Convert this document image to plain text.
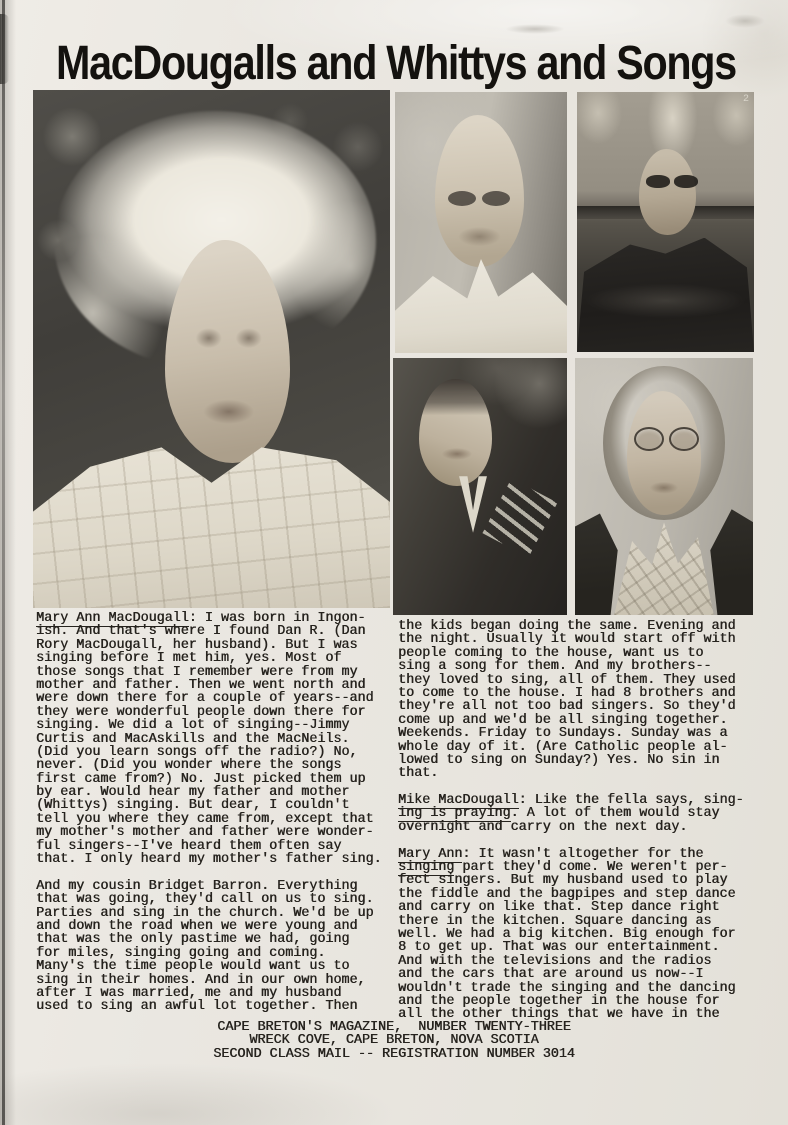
MacDougalls and Whittys and Songs
2
Mary Ann MacDougall: I was born in Ingon-
ish. And that's where I found Dan R. (Dan
Rory MacDougall, her husband). But I was
singing before I met him, yes. Most of
those songs that I remember were from my
mother and father. Then we went north and
were down there for a couple of years--and
they were wonderful people down there for
singing. We did a lot of singing--Jimmy
Curtis and MacAskills and the MacNeils.
(Did you learn songs off the radio?) No,
never. (Did you wonder where the songs
first came from?) No. Just picked them up
by ear. Would hear my father and mother
(Whittys) singing. But dear, I couldn't
tell you where they came from, except that
my mother's mother and father were wonder-
ful singers--I've heard them often say
that. I only heard my mother's father sing.
And my cousin Bridget Barron. Everything
that was going, they'd call on us to sing.
Parties and sing in the church. We'd be up
and down the road when we were young and
that was the only pastime we had, going
for miles, singing going and coming.
Many's the time people would want us to
sing in their homes. And in our own home,
after I was married, me and my husband
used to sing an awful lot together. Then
the kids began doing the same. Evening and
the night. Usually it would start off with
people coming to the house, want us to
sing a song for them. And my brothers--
they loved to sing, all of them. They used
to come to the house. I had 8 brothers and
they're all not too bad singers. So they'd
come up and we'd be all singing together.
Weekends. Friday to Sundays. Sunday was a
whole day of it. (Are Catholic people al-
lowed to sing on Sunday?) Yes. No sin in
that.
Mike MacDougall: Like the fella says, sing-
ing is praying. A lot of them would stay
overnight and carry on the next day.
Mary Ann: It wasn't altogether for the
singing part they'd come. We weren't per-
fect singers. But my husband used to play
the fiddle and the bagpipes and step dance
and carry on like that. Step dance right
there in the kitchen. Square dancing as
well. We had a big kitchen. Big enough for
8 to get up. That was our entertainment.
And with the televisions and the radios
and the cars that are around us now--I
wouldn't trade the singing and the dancing
and the people together in the house for
all the other things that we have in the
CAPE BRETON'S MAGAZINE,  NUMBER TWENTY-THREE
WRECK COVE, CAPE BRETON, NOVA SCOTIA
SECOND CLASS MAIL -- REGISTRATION NUMBER 3014
